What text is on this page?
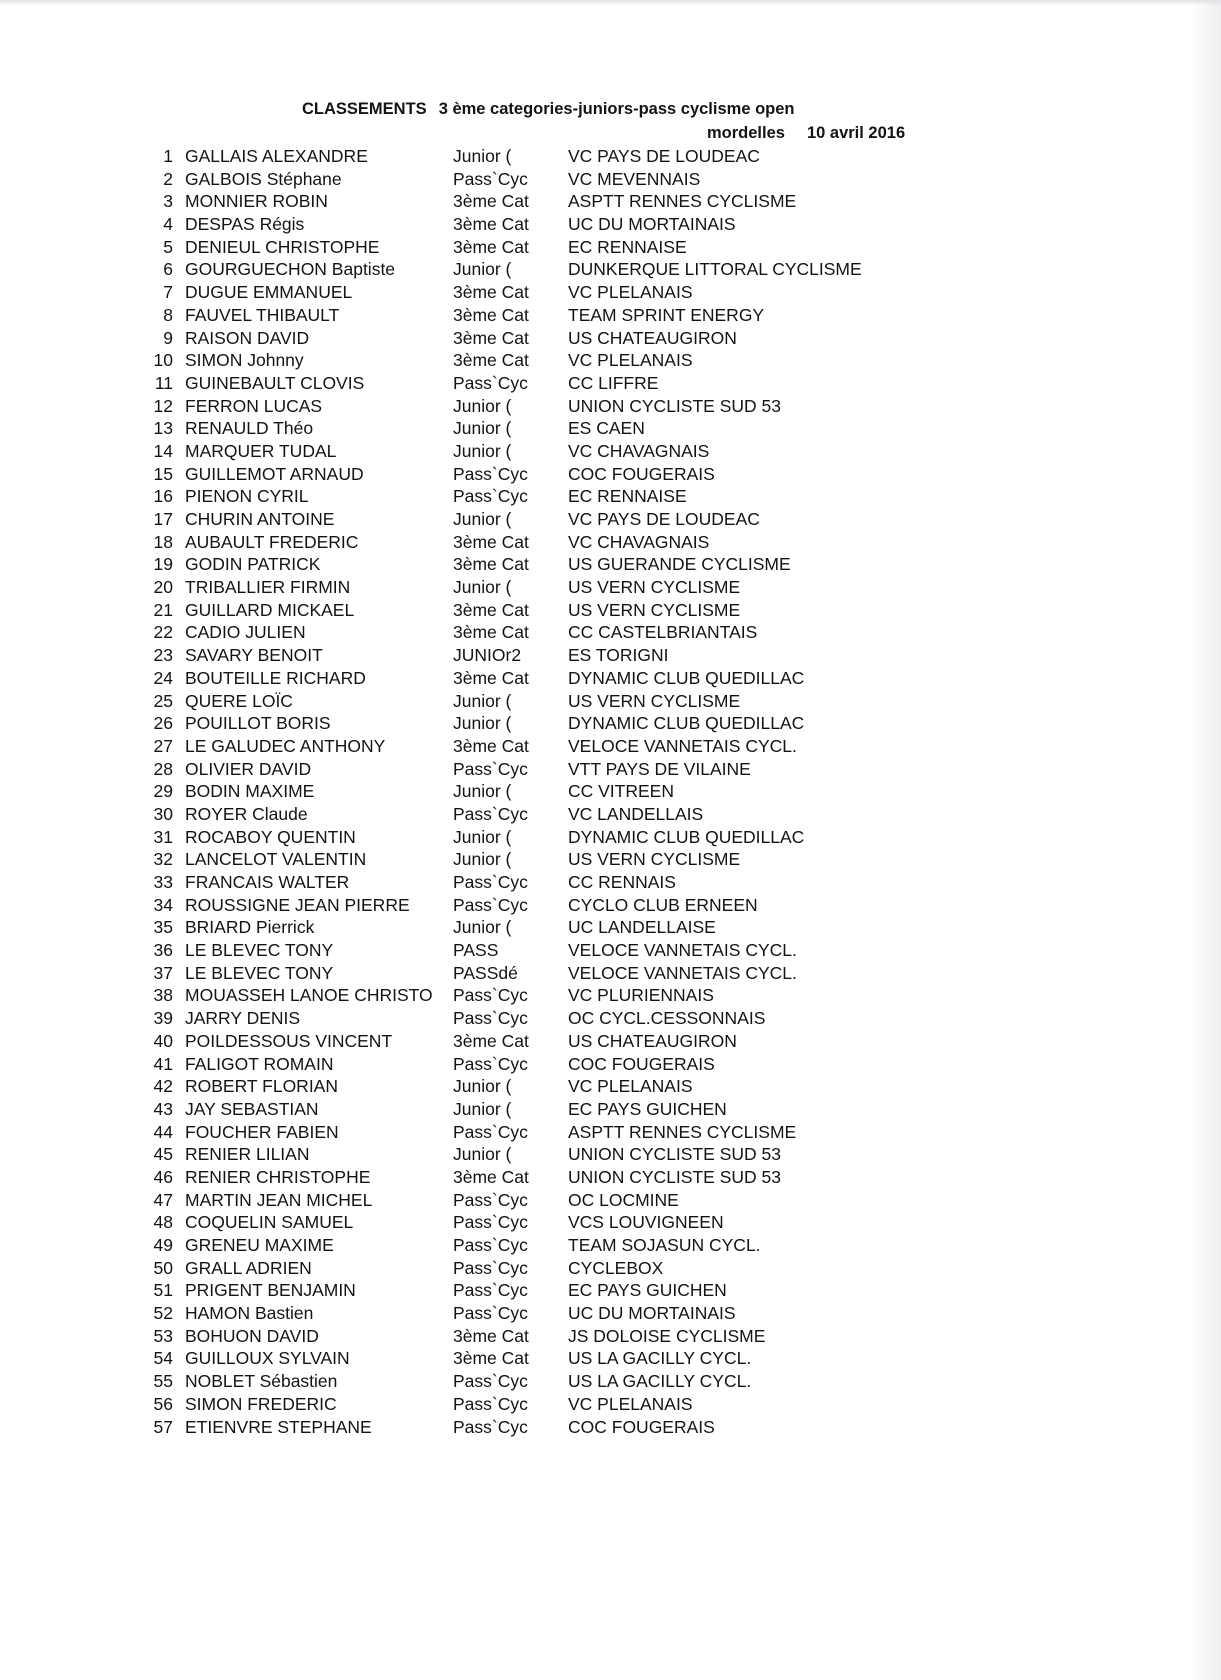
CLASSEMENTS 3 ème categories-juniors-pass cyclisme open
mordelles 10 avril 2016
1 GALLAIS ALEXANDRE	Junior (	VC PAYS DE LOUDEAC
2 GALBOIS Stéphane	Pass`Cyc VC MEVENNAIS
3 MONNIER ROBIN	3ème Cat ASPTT RENNES CYCLISME
4 DESPAS Régis	3ème Cat UC DU MORTAINAIS
5 DENIEUL CHRISTOPHE	3ème Cat EC RENNAISE
6 GOURGUECHON Baptiste	Junior (	DUNKERQUE LITTORAL CYCLISME
7 DUGUE EMMANUEL	3ème Cat VC PLELANAIS
8 FAUVEL THIBAULT	3ème Cat TEAM SPRINT ENERGY
9 RAISON DAVID	3ème Cat US CHATEAUGIRON
10 SIMON Johnny	3ème Cat VC PLELANAIS
11 GUINEBAULT CLOVIS	Pass`Cyc CC LIFFRE
12 FERRON LUCAS	Junior (	UNION CYCLISTE SUD 53
13 RENAULD Théo	Junior (	ES CAEN
14 MARQUER TUDAL	Junior (	VC CHAVAGNAIS
15 GUILLEMOT ARNAUD	Pass`Cyc COC FOUGERAIS
16 PIENON CYRIL	Pass`Cyc EC RENNAISE
17 CHURIN ANTOINE	Junior (	VC PAYS DE LOUDEAC
18 AUBAULT FREDERIC	3ème Cat VC CHAVAGNAIS
19 GODIN PATRICK	3ème Cat US GUERANDE CYCLISME
20 TRIBALLIER FIRMIN	Junior (	US VERN CYCLISME
21 GUILLARD MICKAEL	3ème Cat US VERN CYCLISME
22 CADIO JULIEN	3ème Cat CC CASTELBRIANTAIS
23 SAVARY BENOIT	JUNIOr2	ES TORIGNI
24 BOUTEILLE RICHARD	3ème Cat DYNAMIC CLUB QUEDILLAC
25 QUERE LOÏC	Junior (	US VERN CYCLISME
26 POUILLOT BORIS	Junior (	DYNAMIC CLUB QUEDILLAC
27 LE GALUDEC ANTHONY	3ème Cat VELOCE VANNETAIS CYCL.
28 OLIVIER DAVID	Pass`Cyc VTT PAYS DE VILAINE
29 BODIN MAXIME	Junior (	CC VITREEN
30 ROYER Claude	Pass`Cyc VC LANDELLAIS
31 ROCABOY QUENTIN	Junior (	DYNAMIC CLUB QUEDILLAC
32 LANCELOT VALENTIN	Junior (	US VERN CYCLISME
33 FRANCAIS WALTER	Pass`Cyc CC RENNAIS
34 ROUSSIGNE JEAN PIERRE	Pass`Cyc CYCLO CLUB ERNEEN
35 BRIARD Pierrick	Junior (	UC LANDELLAISE
36 LE BLEVEC TONY	PASS	VELOCE VANNETAIS CYCL.
37 LE BLEVEC TONY	PASSdé	VELOCE VANNETAIS CYCL.
38 MOUASSEH LANOE CHRISTO	Pass`Cyc VC PLURIENNAIS
39 JARRY DENIS	Pass`Cyc OC CYCL.CESSONNAIS
40 POILDESSOUS VINCENT	3ème Cat US CHATEAUGIRON
41 FALIGOT ROMAIN	Pass`Cyc COC FOUGERAIS
42 ROBERT FLORIAN	Junior (	VC PLELANAIS
43 JAY SEBASTIAN	Junior (	EC PAYS GUICHEN
44 FOUCHER FABIEN	Pass`Cyc ASPTT RENNES CYCLISME
45 RENIER LILIAN	Junior (	UNION CYCLISTE SUD 53
46 RENIER CHRISTOPHE	3ème Cat UNION CYCLISTE SUD 53
47 MARTIN JEAN MICHEL	Pass`Cyc OC LOCMINE
48 COQUELIN SAMUEL	Pass`Cyc VCS LOUVIGNEEN
49 GRENEU MAXIME	Pass`Cyc TEAM SOJASUN CYCL.
50 GRALL ADRIEN	Pass`Cyc CYCLEBOX
51 PRIGENT BENJAMIN	Pass`Cyc EC PAYS GUICHEN
52 HAMON Bastien	Pass`Cyc UC DU MORTAINAIS
53 BOHUON DAVID	3ème Cat JS DOLOISE CYCLISME
54 GUILLOUX SYLVAIN	3ème Cat US LA GACILLY CYCL.
55 NOBLET Sébastien	Pass`Cyc US LA GACILLY CYCL.
56 SIMON FREDERIC	Pass`Cyc VC PLELANAIS
57 ETIENVRE STEPHANE	Pass`Cyc COC FOUGERAIS
